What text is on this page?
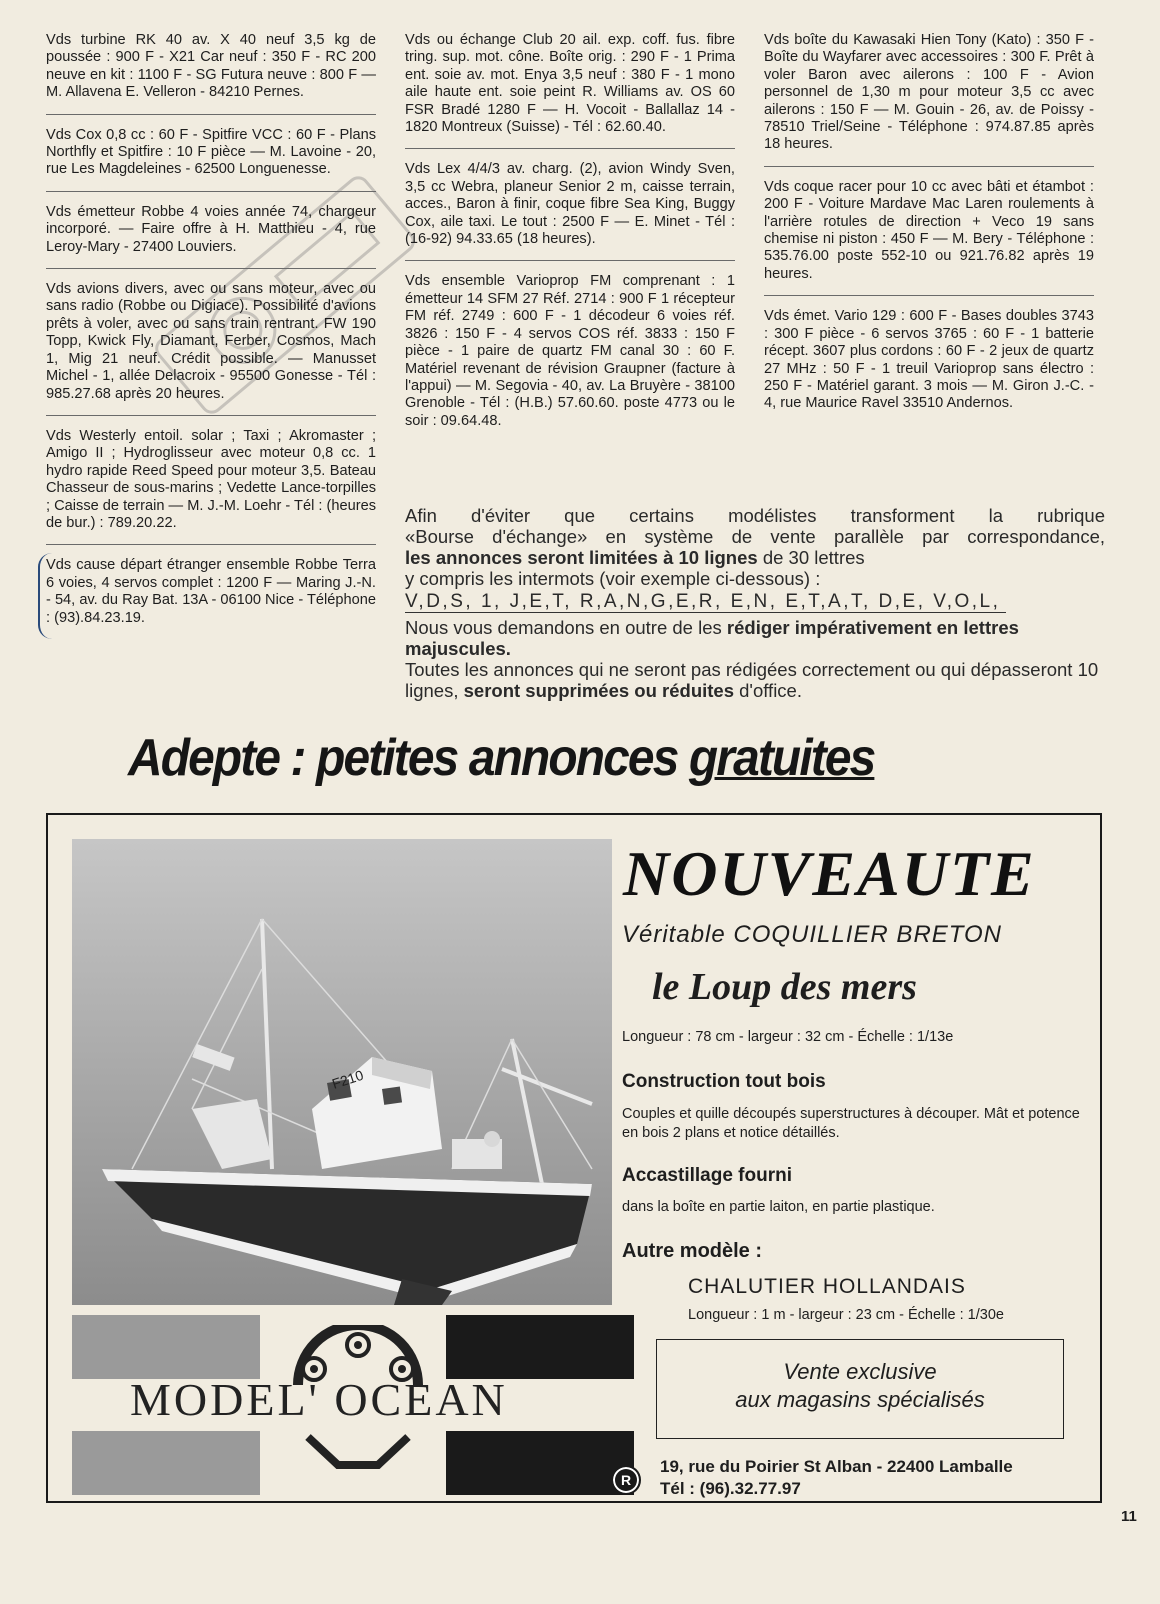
Vds turbine RK 40 av. X 40 neuf 3,5 kg de poussée : 900 F - X21 Car neuf : 350 F - RC 200 neuve en kit : 1100 F - SG Futura neuve : 800 F — M. Allavena E. Velleron - 84210 Pernes.

Vds Cox 0,8 cc : 60 F - Spitfire VCC : 60 F - Plans Northfly et Spitfire : 10 F pièce — M. Lavoine - 20, rue Les Magdeleines - 62500 Longuenesse.

Vds émetteur Robbe 4 voies année 74, chargeur incorporé. — Faire offre à H. Matthieu - 4, rue Leroy-Mary - 27400 Louviers.

Vds avions divers, avec ou sans moteur, avec ou sans radio (Robbe ou Digiace). Possibilité d'avions prêts à voler, avec ou sans train rentrant. FW 190 Topp, Kwick Fly, Diamant, Ferber, Cosmos, Mach 1, Mig 21 neuf. Crédit possible. — Manusset Michel - 1, allée Delacroix - 95500 Gonesse - Tél : 985.27.68 après 20 heures.

Vds Westerly entoil. solar ; Taxi ; Akromaster ; Amigo II ; Hydroglisseur avec moteur 0,8 cc. 1 hydro rapide Reed Speed pour moteur 3,5. Bateau Chasseur de sous-marins ; Vedette Lance-torpilles ; Caisse de terrain — M. J.-M. Loehr - Tél : (heures de bur.) : 789.20.22.

Vds cause départ étranger ensemble Robbe Terra 6 voies, 4 servos complet : 1200 F — Maring J.-N. - 54, av. du Ray Bat. 13A - 06100 Nice - Téléphone : (93).84.23.19.

Vds ou échange Club 20 ail. exp. coff. fus. fibre tring. sup. mot. cône. Boîte orig. : 290 F - 1 Prima ent. soie av. mot. Enya 3,5 neuf : 380 F - 1 mono aile haute ent. soie peint R. Williams av. OS 60 FSR Bradé 1280 F — H. Vocoit - Ballallaz 14 - 1820 Montreux (Suisse) - Tél : 62.60.40.

Vds Lex 4/4/3 av. charg. (2), avion Windy Sven, 3,5 cc Webra, planeur Senior 2 m, caisse terrain, acces., Baron à finir, coque fibre Sea King, Buggy Cox, aile taxi. Le tout : 2500 F — E. Minet - Tél : (16-92) 94.33.65 (18 heures).

Vds ensemble Varioprop FM comprenant : 1 émetteur 14 SFM 27 Réf. 2714 : 900 F 1 récepteur FM réf. 2749 : 600 F - 1 décodeur 6 voies réf. 3826 : 150 F - 4 servos COS réf. 3833 : 150 F pièce - 1 paire de quartz FM canal 30 : 60 F. Matériel revenant de révision Graupner (facture à l'appui) — M. Segovia - 40, av. La Bruyère - 38100 Grenoble - Tél : (H.B.) 57.60.60. poste 4773 ou le soir : 09.64.48.

Vds boîte du Kawasaki Hien Tony (Kato) : 350 F - Boîte du Wayfarer avec accessoires : 300 F. Prêt à voler Baron avec ailerons : 100 F - Avion personnel de 1,30 m pour moteur 3,5 cc avec ailerons : 150 F — M. Gouin - 26, av. de Poissy - 78510 Triel/Seine - Téléphone : 974.87.85 après 18 heures.

Vds coque racer pour 10 cc avec bâti et étambot : 200 F - Voiture Mardave Mac Laren roulements à l'arrière rotules de direction + Veco 19 sans chemise ni piston : 450 F — M. Bery - Téléphone : 535.76.00 poste 552-10 ou 921.76.82 après 19 heures.

Vds émet. Vario 129 : 600 F - Bases doubles 3743 : 300 F pièce - 6 servos 3765 : 60 F - 1 batterie récept. 3607 plus cordons : 60 F - 2 jeux de quartz 27 MHz : 50 F - 1 treuil Varioprop sans électro : 250 F - Matériel garant. 3 mois — M. Giron J.-C. - 4, rue Maurice Ravel 33510 Andernos.

Afin d'éviter que certains modélistes transforment la rubrique

«Bourse d'échange» en système de vente parallèle par correspondance,

les annonces seront limitées à 10 lignes de 30 lettres

y compris les intermots (voir exemple ci-dessous) :

V,D,S, 1, J,E,T, R,A,N,G,E,R, E,N, E,T,A,T, D,E, V,O,L,

Nous vous demandons en outre de les rédiger impérativement en lettres majuscules.

Toutes les annonces qui ne seront pas rédigées correctement ou qui dépasseront 10 lignes, seront supprimées ou réduites d'office.

Adepte : petites annonces gratuites
F210
NOUVEAUTE
Véritable COQUILLIER BRETON
le Loup des mers
Longueur : 78 cm - largeur : 32 cm - Échelle : 1/13e
Construction tout bois
Couples et quille découpés superstructures à découper. Mât et potence en bois 2 plans et notice détaillés.
Accastillage fourni
dans la boîte en partie laiton, en partie plastique.
Autre modèle :
CHALUTIER HOLLANDAIS
Longueur : 1 m - largeur : 23 cm - Échelle : 1/30e
Vente exclusive
aux magasins spécialisés
19, rue du Poirier St Alban - 22400 Lamballe
Tél : (96).32.77.97
MODEL' OCEAN
R
11
